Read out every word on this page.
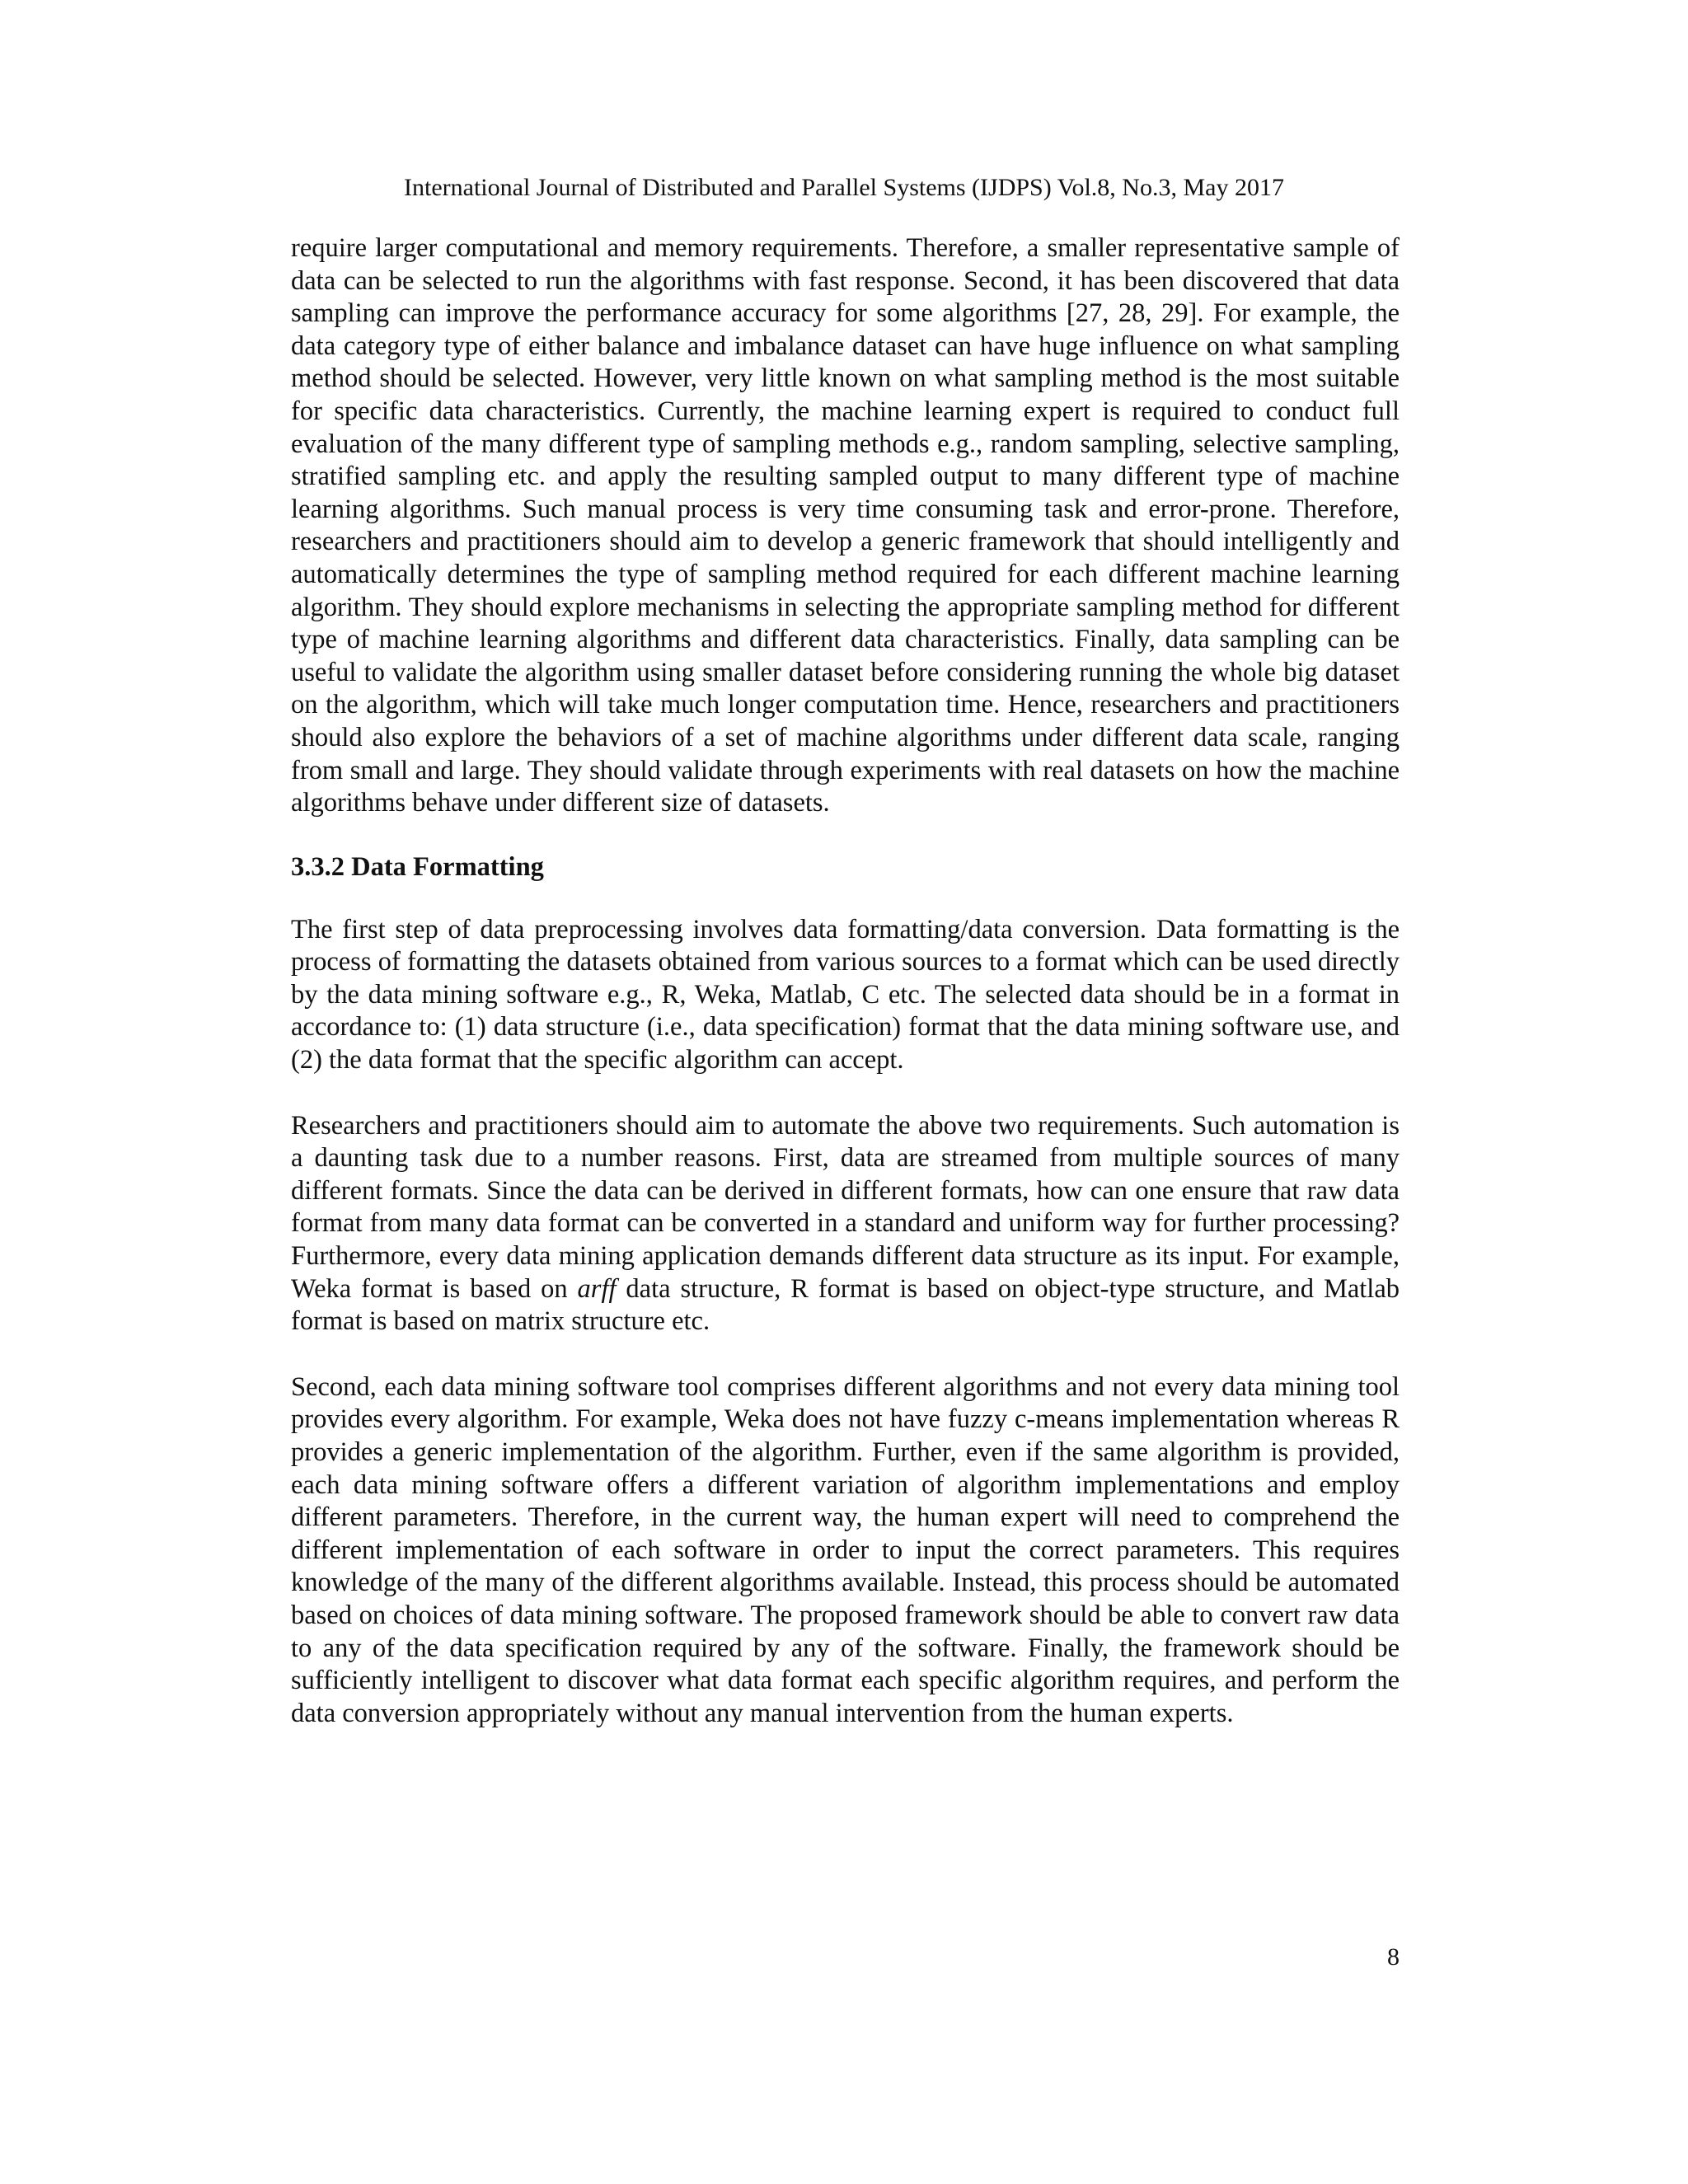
International Journal of Distributed and Parallel Systems (IJDPS) Vol.8, No.3, May 2017

require larger computational and memory requirements. Therefore, a smaller representative sample of data can be selected to run the algorithms with fast response. Second, it has been discovered that data sampling can improve the performance accuracy for some algorithms [27, 28, 29]. For example, the data category type of either balance and imbalance dataset can have huge influence on what sampling method should be selected. However, very little known on what sampling method is the most suitable for specific data characteristics. Currently, the machine learning expert is required to conduct full evaluation of the many different type of sampling methods e.g., random sampling, selective sampling, stratified sampling etc. and apply the resulting sampled output to many different type of machine learning algorithms. Such manual process is very time consuming task and error-prone. Therefore, researchers and practitioners should aim to develop a generic framework that should intelligently and automatically determines the type of sampling method required for each different machine learning algorithm. They should explore mechanisms in selecting the appropriate sampling method for different type of machine learning algorithms and different data characteristics. Finally, data sampling can be useful to validate the algorithm using smaller dataset before considering running the whole big dataset on the algorithm, which will take much longer computation time. Hence, researchers and practitioners should also explore the behaviors of a set of machine algorithms under different data scale, ranging from small and large. They should validate through experiments with real datasets on how the machine algorithms behave under different size of datasets.

3.3.2 Data Formatting

The first step of data preprocessing involves data formatting/data conversion. Data formatting is the process of formatting the datasets obtained from various sources to a format which can be used directly by the data mining software e.g., R, Weka, Matlab, C etc. The selected data should be in a format in accordance to: (1) data structure (i.e., data specification) format that the data mining software use, and (2) the data format that the specific algorithm can accept.

Researchers and practitioners should aim to automate the above two requirements. Such automation is a daunting task due to a number reasons. First, data are streamed from multiple sources of many different formats. Since the data can be derived in different formats, how can one ensure that raw data format from many data format can be converted in a standard and uniform way for further processing? Furthermore, every data mining application demands different data structure as its input. For example, Weka format is based on arff data structure, R format is based on object-type structure, and Matlab format is based on matrix structure etc.

Second, each data mining software tool comprises different algorithms and not every data mining tool provides every algorithm. For example, Weka does not have fuzzy c-means implementation whereas R provides a generic implementation of the algorithm. Further, even if the same algorithm is provided, each data mining software offers a different variation of algorithm implementations and employ different parameters. Therefore, in the current way, the human expert will need to comprehend the different implementation of each software in order to input the correct parameters. This requires knowledge of the many of the different algorithms available. Instead, this process should be automated based on choices of data mining software. The proposed framework should be able to convert raw data to any of the data specification required by any of the software. Finally, the framework should be sufficiently intelligent to discover what data format each specific algorithm requires, and perform the data conversion appropriately without any manual intervention from the human experts.

8
